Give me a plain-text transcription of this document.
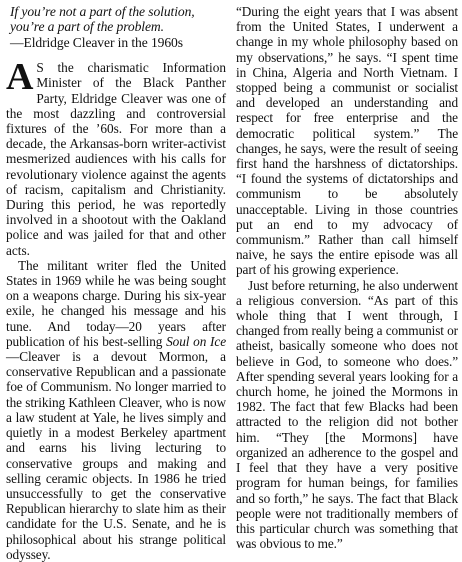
If you’re not a part of the solution,
you’re a part of the problem.
—Eldridge Cleaver in the 1960s

A S the charismatic Information Minister of the Black Panther Party, Eldridge Cleaver was one of the most dazzling and controversial fixtures of the ’60s. For more than a decade, the Arkansas-born writer-activist mesmerized audiences with his calls for revolutionary violence against the agents of racism, capitalism and Christianity. During this period, he was reportedly involved in a shootout with the Oakland police and was jailed for that and other acts.

The militant writer fled the United States in 1969 while he was being sought on a weapons charge. During his six-year exile, he changed his message and his tune. And today—20 years after publication of his best-selling Soul on Ice—Cleaver is a devout Mormon, a conservative Republican and a passionate foe of Communism. No longer married to the striking Kathleen Cleaver, who is now a law student at Yale, he lives simply and quietly in a modest Berkeley apartment and earns his living lecturing to conservative groups and making and selling ceramic objects. In 1986 he tried unsuccessfully to get the conservative Republican hierarchy to slate him as their candidate for the U.S. Senate, and he is philosophical about his strange political odyssey.

“During the eight years that I was absent from the United States, I underwent a change in my whole philosophy based on my observations,” he says. “I spent time in China, Algeria and North Vietnam. I stopped being a communist or socialist and developed an understanding and respect for free enterprise and the democratic political system.” The changes, he says, were the result of seeing first hand the harshness of dictatorships. “I found the systems of dictatorships and communism to be absolutely unacceptable. Living in those countries put an end to my advocacy of communism.” Rather than call himself naive, he says the entire episode was all part of his growing experience.

Just before returning, he also underwent a religious conversion. “As part of this whole thing that I went through, I changed from really being a communist or atheist, basically someone who does not believe in God, to someone who does.” After spending several years looking for a church home, he joined the Mormons in 1982. The fact that few Blacks had been attracted to the religion did not bother him. “They [the Mormons] have organized an adherence to the gospel and I feel that they have a very positive program for human beings, for families and so forth,” he says. The fact that Black people were not traditionally members of this particular church was something that was obvious to me.”
